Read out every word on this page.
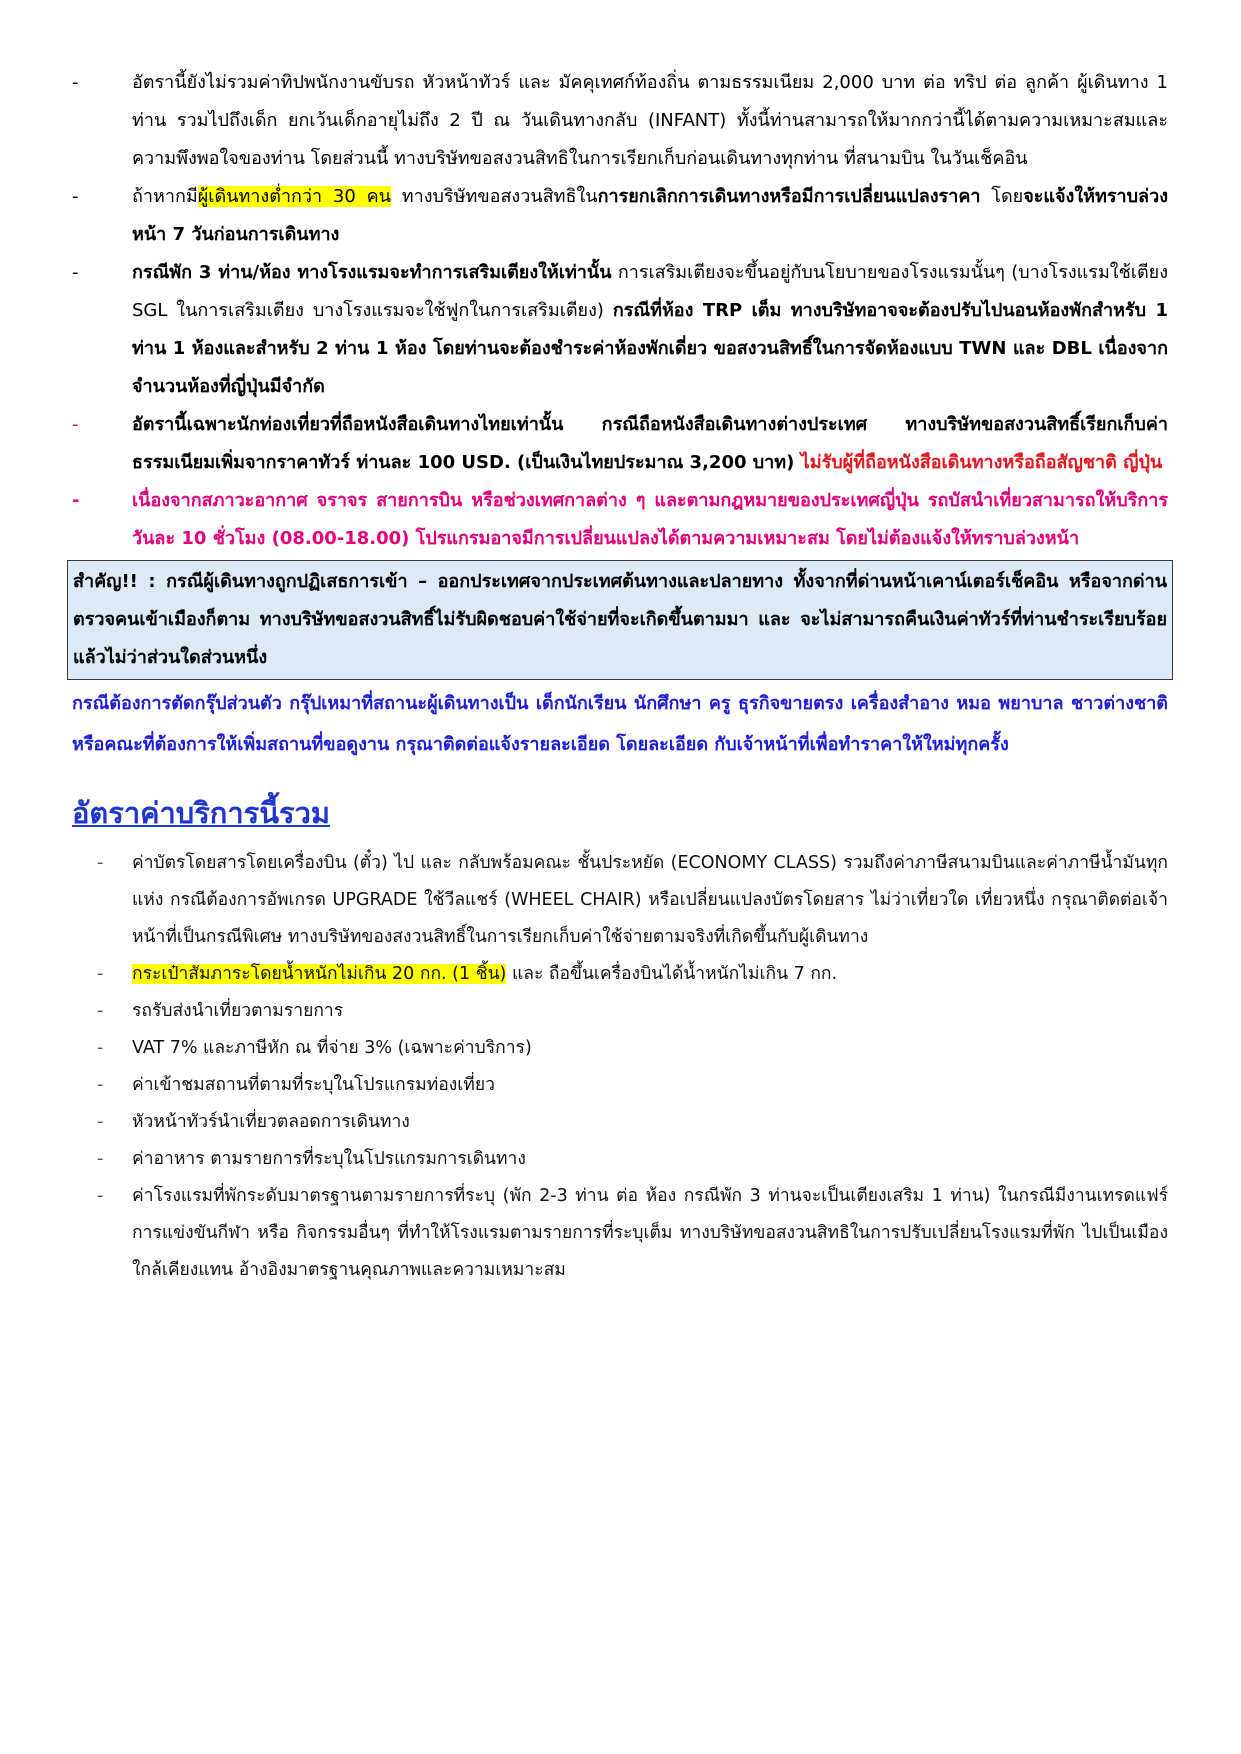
-	อัตรานี้ยังไม่รวมค่าทิปพนักงานขับรถ หัวหน้าทัวร์ และ มัคคุเทศก์ท้องถิ่น ตามธรรมเนียม 2,000 บาท ต่อ ทริป ต่อ ลูกค้า ผู้เดินทาง 1 ท่าน รวมไปถึงเด็ก ยกเว้นเด็กอายุไม่ถึง 2 ปี ณ วันเดินทางกลับ (INFANT) ทั้งนี้ท่านสามารถให้มากกว่านี้ได้ตามความเหมาะสมและความพึงพอใจของท่าน โดยส่วนนี้ ทางบริษัทขอสงวนสิทธิในการเรียกเก็บก่อนเดินทางทุกท่าน ที่สนามบิน ในวันเช็คอิน
-	ถ้าหากมีผู้เดินทางต่ำกว่า 30 คน ทางบริษัทขอสงวนสิทธิในการยกเลิกการเดินทางหรือมีการเปลี่ยนแปลงราคา โดยจะแจ้งให้ทราบล่วงหน้า 7 วันก่อนการเดินทาง
-	กรณีพัก 3 ท่าน/ห้อง ทางโรงแรมจะทำการเสริมเตียงให้เท่านั้น การเสริมเตียงจะขึ้นอยู่กับนโยบายของโรงแรมนั้นๆ (บางโรงแรมใช้เตียง SGL ในการเสริมเตียง บางโรงแรมจะใช้ฟูกในการเสริมเตียง) กรณีที่ห้อง TRP เต็ม ทางบริษัทอาจจะต้องปรับไปนอนห้องพักสำหรับ 1 ท่าน 1 ห้องและสำหรับ 2 ท่าน 1 ห้อง โดยท่านจะต้องชำระค่าห้องพักเดี่ยว ขอสงวนสิทธิ์ในการจัดห้องแบบ TWN และ DBL เนื่องจากจำนวนห้องที่ญี่ปุ่นมีจำกัด
-	อัตรานี้เฉพาะนักท่องเที่ยวที่ถือหนังสือเดินทางไทยเท่านั้น กรณีถือหนังสือเดินทางต่างประเทศ ทางบริษัทขอสงวนสิทธิ์เรียกเก็บค่าธรรมเนียมเพิ่มจากราคาทัวร์ ท่านละ 100 USD. (เป็นเงินไทยประมาณ 3,200 บาท) ไม่รับผู้ที่ถือหนังสือเดินทางหรือถือสัญชาติ ญี่ปุ่น
-	เนื่องจากสภาวะอากาศ จราจร สายการบิน หรือช่วงเทศกาลต่าง ๆ และตามกฎหมายของประเทศญี่ปุ่น รถบัสนำเที่ยวสามารถให้บริการวันละ 10 ชั่วโมง (08.00-18.00) โปรแกรมอาจมีการเปลี่ยนแปลงได้ตามความเหมาะสม โดยไม่ต้องแจ้งให้ทราบล่วงหน้า
สำคัญ!! : กรณีผู้เดินทางถูกปฏิเสธการเข้า – ออกประเทศจากประเทศต้นทางและปลายทาง ทั้งจากที่ด่านหน้าเคาน์เตอร์เช็คอิน หรือจากด่านตรวจคนเข้าเมืองก็ตาม ทางบริษัทขอสงวนสิทธิ์ไม่รับผิดชอบค่าใช้จ่ายที่จะเกิดขึ้นตามมา และ จะไม่สามารถคืนเงินค่าทัวร์ที่ท่านชำระเรียบร้อยแล้วไม่ว่าส่วนใดส่วนหนึ่ง
กรณีต้องการตัดกรุ๊ปส่วนตัว กรุ๊ปเหมาที่สถานะผู้เดินทางเป็น เด็กนักเรียน นักศึกษา ครู ธุรกิจขายตรง เครื่องสำอาง หมอ พยาบาล ชาวต่างชาติ หรือคณะที่ต้องการให้เพิ่มสถานที่ขอดูงาน กรุณาติดต่อแจ้งรายละเอียด โดยละเอียด กับเจ้าหน้าที่เพื่อทำราคาให้ใหม่ทุกครั้ง
อัตราค่าบริการนี้รวม
- ค่าบัตรโดยสารโดยเครื่องบิน (ตั๋ว) ไป และ กลับพร้อมคณะ ชั้นประหยัด (ECONOMY CLASS) รวมถึงค่าภาษีสนามบินและค่าภาษีน้ำมันทุกแห่ง กรณีต้องการอัพเกรด UPGRADE ใช้วีลแชร์ (WHEEL CHAIR) หรือเปลี่ยนแปลงบัตรโดยสาร ไม่ว่าเที่ยวใด เที่ยวหนึ่ง กรุณาติดต่อเจ้าหน้าที่เป็นกรณีพิเศษ ทางบริษัทของสงวนสิทธิ์ในการเรียกเก็บค่าใช้จ่ายตามจริงที่เกิดขึ้นกับผู้เดินทาง
- กระเป๋าสัมภาระโดยน้ำหนักไม่เกิน 20 กก. (1 ชิ้น) และ ถือขึ้นเครื่องบินได้น้ำหนักไม่เกิน 7 กก.
- รถรับส่งนำเที่ยวตามรายการ
- VAT 7% และภาษีหัก ณ ที่จ่าย 3% (เฉพาะค่าบริการ)
- ค่าเข้าชมสถานที่ตามที่ระบุในโปรแกรมท่องเที่ยว
- หัวหน้าทัวร์นำเที่ยวตลอดการเดินทาง
- ค่าอาหาร ตามรายการที่ระบุในโปรแกรมการเดินทาง
- ค่าโรงแรมที่พักระดับมาตรฐานตามรายการที่ระบุ (พัก 2-3 ท่าน ต่อ ห้อง กรณีพัก 3 ท่านจะเป็นเตียงเสริม 1 ท่าน) ในกรณีมีงานเทรดแฟร์ การแข่งขันกีฬา หรือ กิจกรรมอื่นๆ ที่ทำให้โรงแรมตามรายการที่ระบุเต็ม ทางบริษัทขอสงวนสิทธิในการปรับเปลี่ยนโรงแรมที่พัก ไปเป็นเมืองใกล้เคียงแทน อ้างอิงมาตรฐานคุณภาพและความเหมาะสม
